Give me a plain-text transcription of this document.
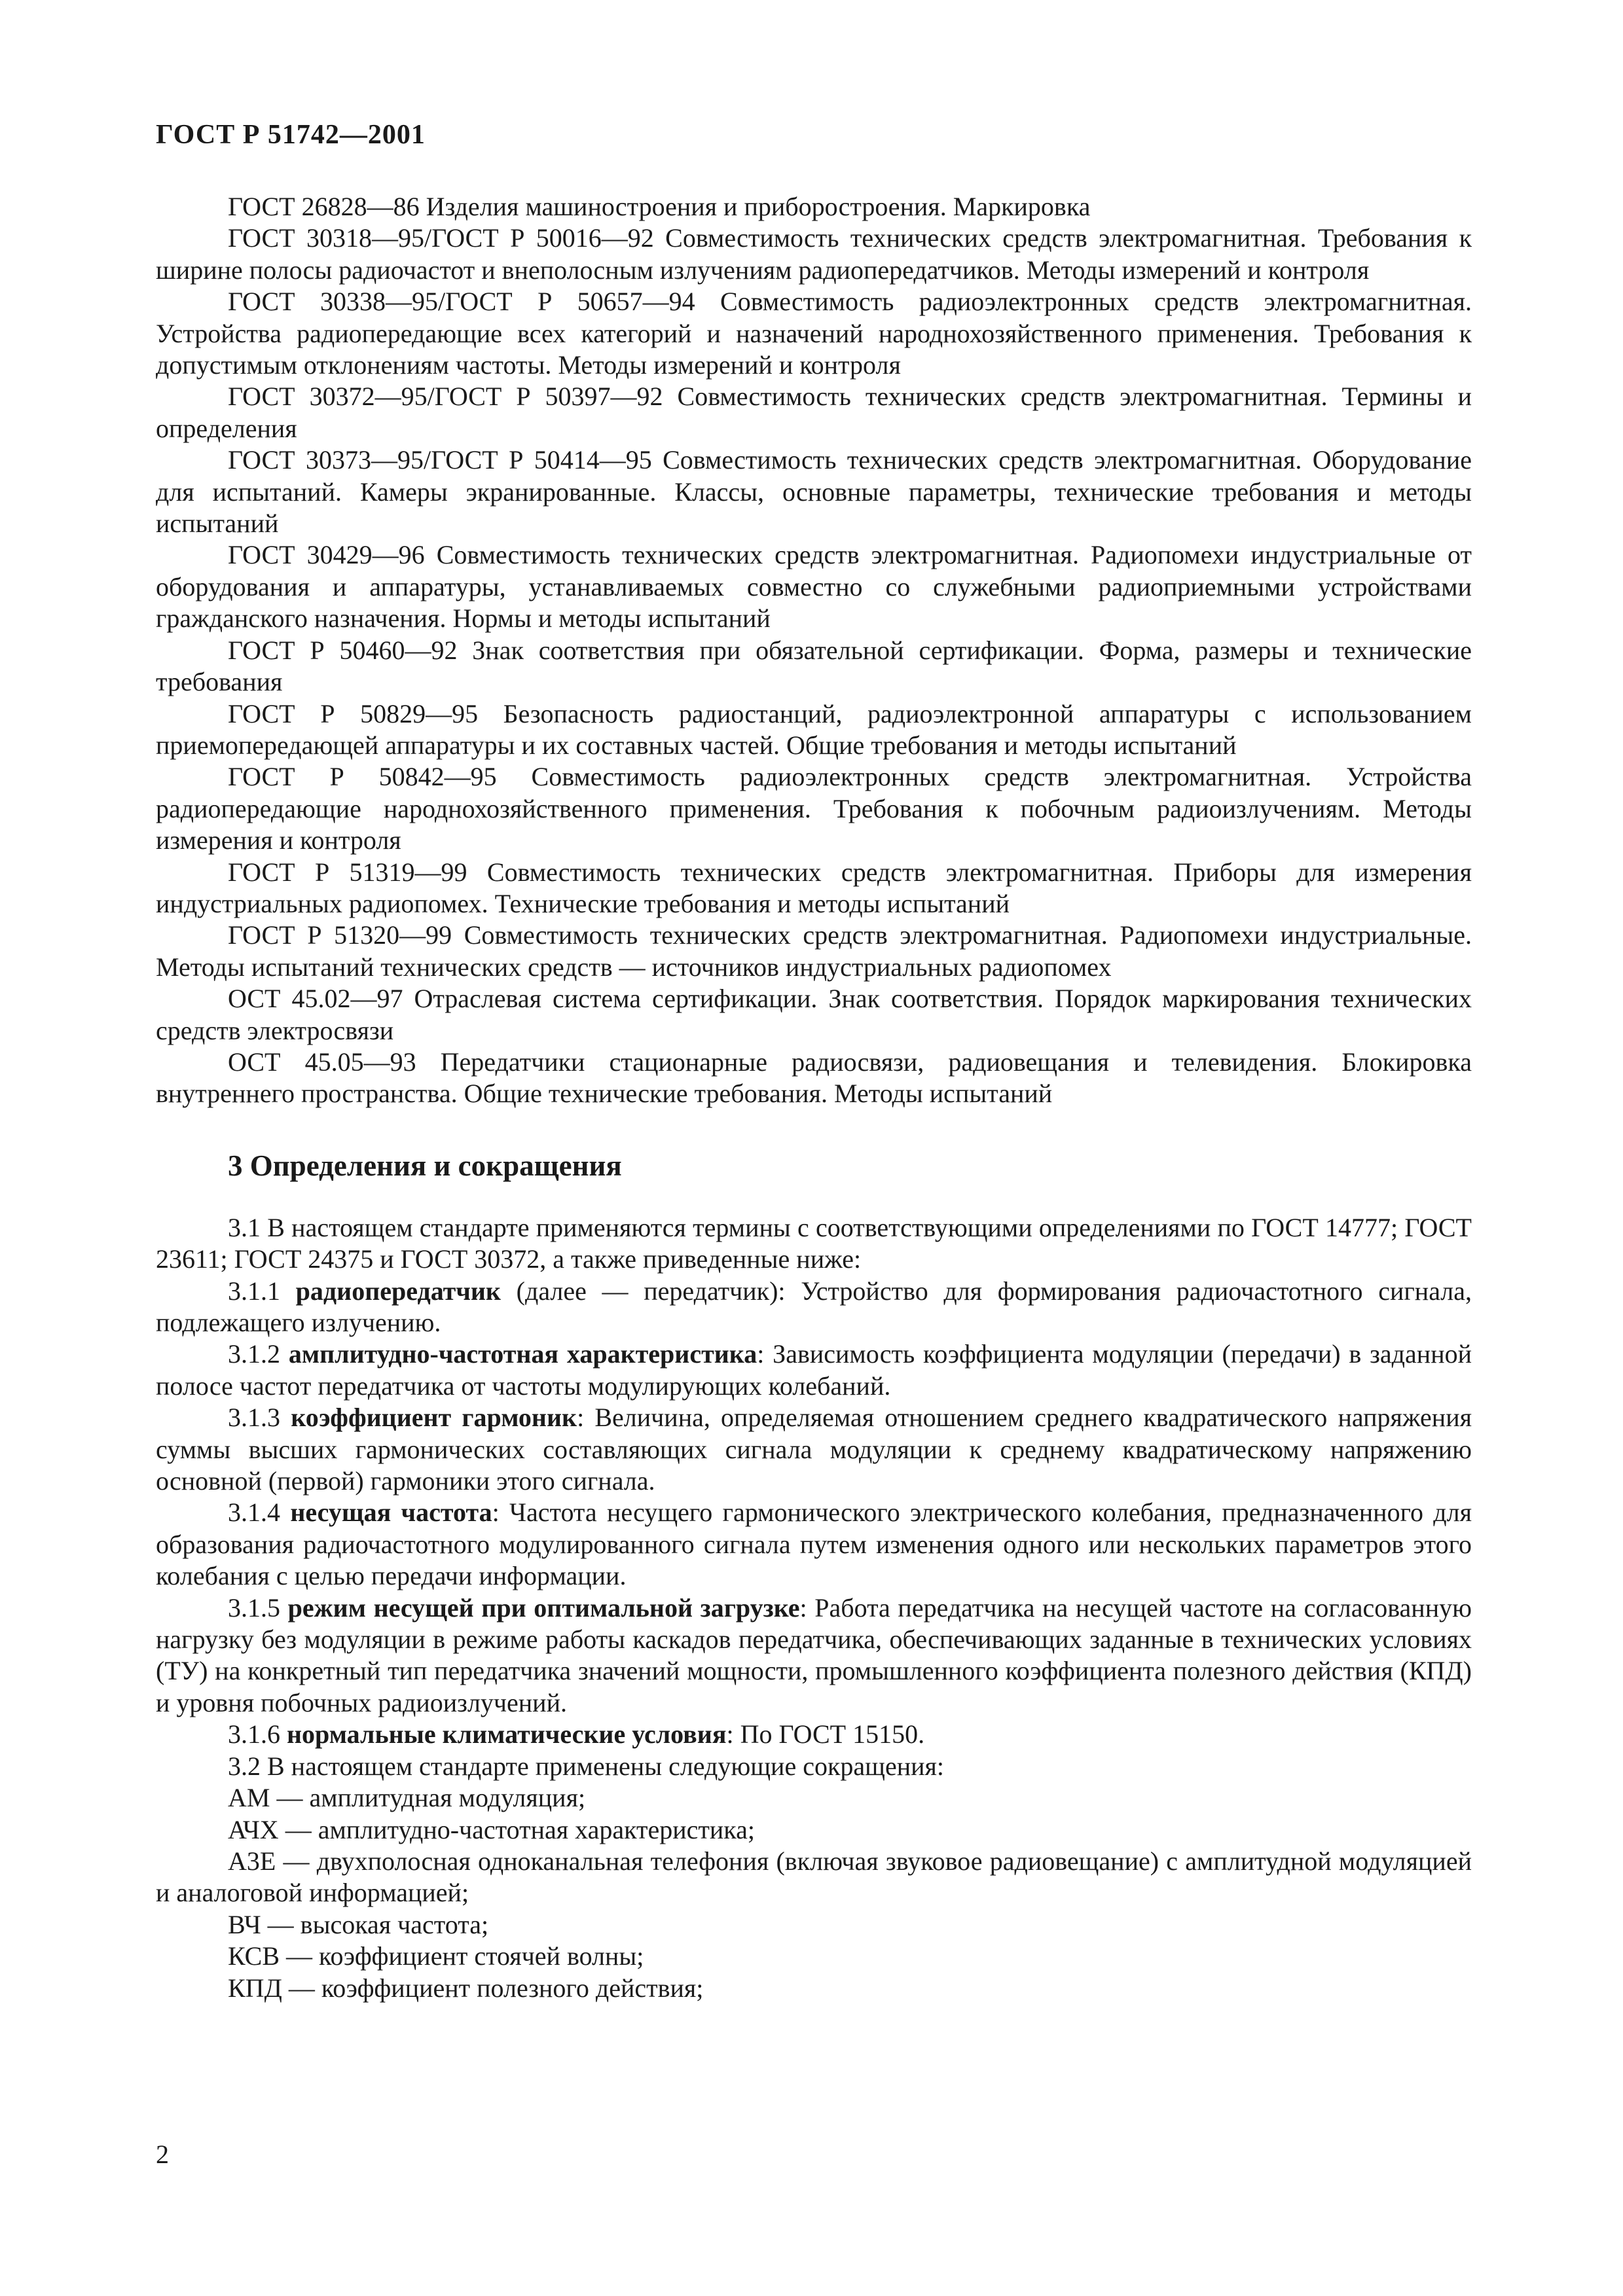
ГОСТ Р 51742—2001

ГОСТ 26828—86 Изделия машиностроения и приборостроения. Маркировка

ГОСТ 30318—95/ГОСТ Р 50016—92 Совместимость технических средств электромагнитная. Требования к ширине полосы радиочастот и внеполосным излучениям радиопередатчиков. Методы измерений и контроля

ГОСТ 30338—95/ГОСТ Р 50657—94 Совместимость радиоэлектронных средств электромагнитная. Устройства радиопередающие всех категорий и назначений народнохозяйственного применения. Требования к допустимым отклонениям частоты. Методы измерений и контроля

ГОСТ 30372—95/ГОСТ Р 50397—92 Совместимость технических средств электромагнитная. Термины и определения

ГОСТ 30373—95/ГОСТ Р 50414—95 Совместимость технических средств электромагнитная. Оборудование для испытаний. Камеры экранированные. Классы, основные параметры, технические требования и методы испытаний

ГОСТ 30429—96 Совместимость технических средств электромагнитная. Радиопомехи индустриальные от оборудования и аппаратуры, устанавливаемых совместно со служебными радиоприемными устройствами гражданского назначения. Нормы и методы испытаний

ГОСТ Р 50460—92 Знак соответствия при обязательной сертификации. Форма, размеры и технические требования

ГОСТ Р 50829—95 Безопасность радиостанций, радиоэлектронной аппаратуры с использованием приемопередающей аппаратуры и их составных частей. Общие требования и методы испытаний

ГОСТ Р 50842—95 Совместимость радиоэлектронных средств электромагнитная. Устройства радиопередающие народнохозяйственного применения. Требования к побочным радиоизлучениям. Методы измерения и контроля

ГОСТ Р 51319—99 Совместимость технических средств электромагнитная. Приборы для измерения индустриальных радиопомех. Технические требования и методы испытаний

ГОСТ Р 51320—99 Совместимость технических средств электромагнитная. Радиопомехи индустриальные. Методы испытаний технических средств — источников индустриальных радиопомех

ОСТ 45.02—97 Отраслевая система сертификации. Знак соответствия. Порядок маркирования технических средств электросвязи

ОСТ 45.05—93 Передатчики стационарные радиосвязи, радиовещания и телевидения. Блокировка внутреннего пространства. Общие технические требования. Методы испытаний

3 Определения и сокращения

3.1 В настоящем стандарте применяются термины с соответствующими определениями по ГОСТ 14777; ГОСТ 23611; ГОСТ 24375 и ГОСТ 30372, а также приведенные ниже:

3.1.1 радиопередатчик (далее — передатчик): Устройство для формирования радиочастотного сигнала, подлежащего излучению.

3.1.2 амплитудно-частотная характеристика: Зависимость коэффициента модуляции (передачи) в заданной полосе частот передатчика от частоты модулирующих колебаний.

3.1.3 коэффициент гармоник: Величина, определяемая отношением среднего квадратического напряжения суммы высших гармонических составляющих сигнала модуляции к среднему квадратическому напряжению основной (первой) гармоники этого сигнала.

3.1.4 несущая частота: Частота несущего гармонического электрического колебания, предназначенного для образования радиочастотного модулированного сигнала путем изменения одного или нескольких параметров этого колебания с целью передачи информации.

3.1.5 режим несущей при оптимальной загрузке: Работа передатчика на несущей частоте на согласованную нагрузку без модуляции в режиме работы каскадов передатчика, обеспечивающих заданные в технических условиях (ТУ) на конкретный тип передатчика значений мощности, промышленного коэффициента полезного действия (КПД) и уровня побочных радиоизлучений.

3.1.6 нормальные климатические условия: По ГОСТ 15150.

3.2 В настоящем стандарте применены следующие сокращения:

АМ — амплитудная модуляция;

АЧХ — амплитудно-частотная характеристика;

А3Е — двухполосная одноканальная телефония (включая звуковое радиовещание) с амплитудной модуляцией и аналоговой информацией;

ВЧ — высокая частота;

КСВ — коэффициент стоячей волны;

КПД — коэффициент полезного действия;

2
